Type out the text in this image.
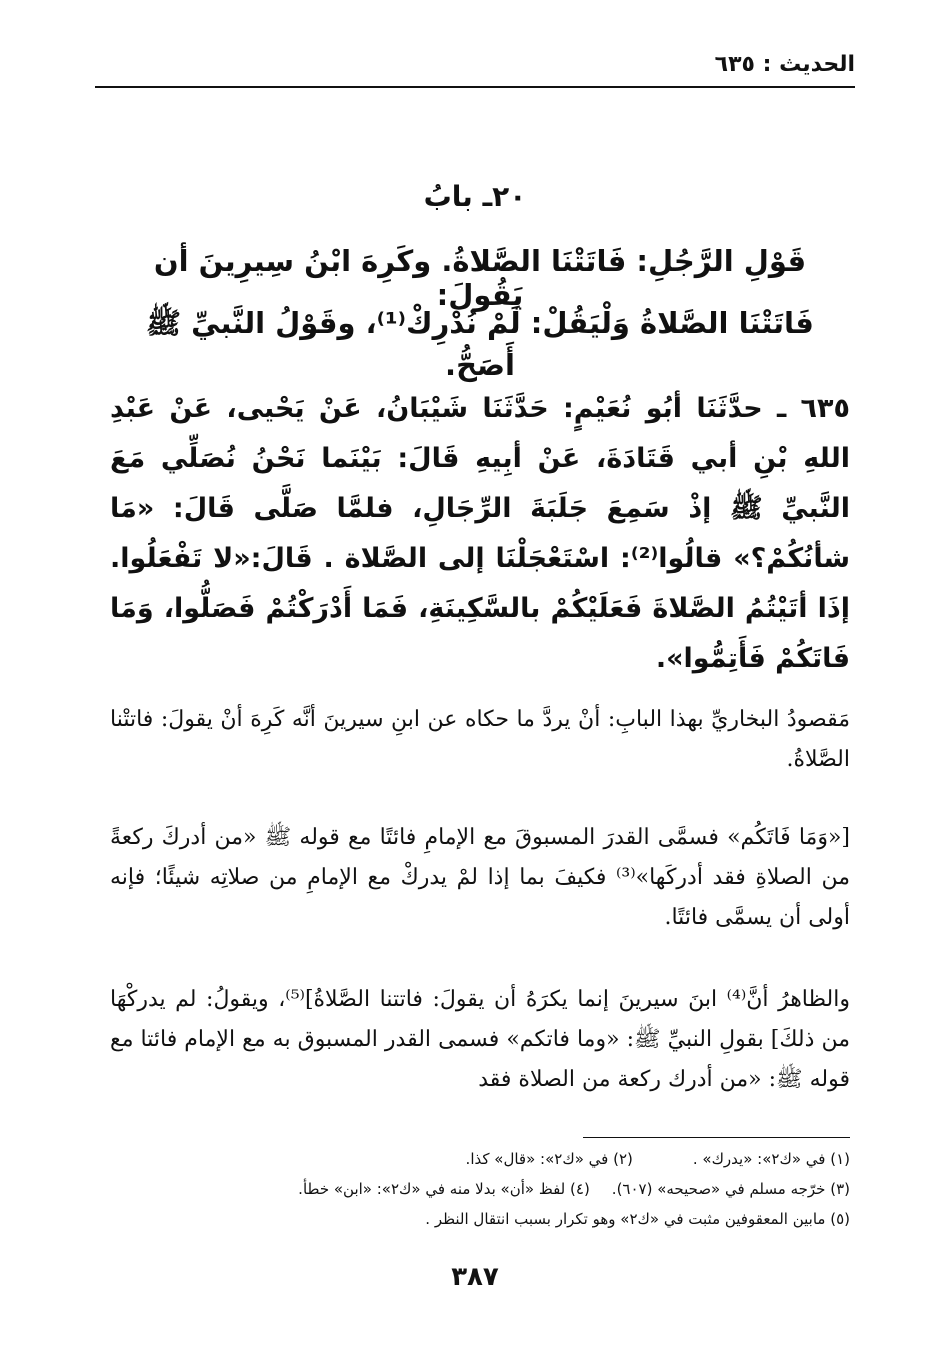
الحديث : ٦٣٥
٢٠ـ بابُ
قَوْلِ الرَّجُلِ: فَاتَتْنَا الصَّلاةُ. وكَرِهَ ابْنُ سِيرِينَ أن يَقُولَ:
فَاتَتْنَا الصَّلاةُ وَلْيَقُلْ: لَمْ نُدْرِكْ⁽¹⁾، وقَوْلُ النَّبيِّ ﷺ أَصَحُّ.
٦٣٥ ـ حدَّثَنَا أبُو نُعَيْمٍ: حَدَّثَنَا شَيْبَانُ، عَنْ يَحْيى، عَنْ عَبْدِ اللهِ بْنِ أبي قَتَادَةَ، عَنْ أبِيهِ قَالَ: بَيْنَما نَحْنُ نُصَلِّي مَعَ النَّبيِّ ﷺ إذْ سَمِعَ جَلَبَةَ الرِّجَالِ، فلمَّا صَلَّى قَالَ: «مَا شأنُكُمْ؟» قالُوا⁽²⁾: اسْتَعْجَلْنَا إلى الصَّلاة . قَالَ:«لا تَفْعَلُوا. إذَا أتَيْتُمُ الصَّلاةَ فَعَلَيْكُمْ بالسَّكِينَةِ، فَمَا أَدْرَكْتُمْ فَصَلُّوا، وَمَا فَاتَكُمْ فَأَتِمُّوا».
مَقصودُ البخاريِّ بهذا البابِ: أنْ يردَّ ما حكاه عن ابنِ سيرينَ أنَّه كَرِهَ أنْ يقولَ: فاتتْنا الصَّلاةُ.
[«وَمَا فَاتَكُم» فسمَّى القدرَ المسبوقَ مع الإمامِ فائتًا مع قوله ﷺ «من أدركَ ركعةً من الصلاةِ فقد أدركَها»⁽³⁾ فكيفَ بما إذا لمْ يدركْ مع الإمامِ من صلاتِه شيئًا؛ فإنه أولى أن يسمَّى فائتًا.
والظاهرُ أنَّ⁽⁴⁾ ابنَ سيرينَ إنما يكرَهُ أن يقولَ: فاتتنا الصَّلاةُ]⁽⁵⁾، ويقولُ: لم يدركْهَا من ذلكَ] بقولِ النبيِّ ﷺ: «وما فاتكم» فسمى القدر المسبوق به مع الإمام فائتا مع قوله ﷺ: «من أدرك ركعة من الصلاة فقد
(١) في «ك٢»: «يدرك» .(٢) في «ك٢»: «قال» كذا.
(٣) خرّجه مسلم في «صحيحه» (٦٠٧).(٤) لفظ «أن» بدلا منه في «ك٢»: «ابن» خطأ.
(٥) مابين المعقوفين مثبت في «ك٢» وهو تكرار بسبب انتقال النظر .
٣٨٧
